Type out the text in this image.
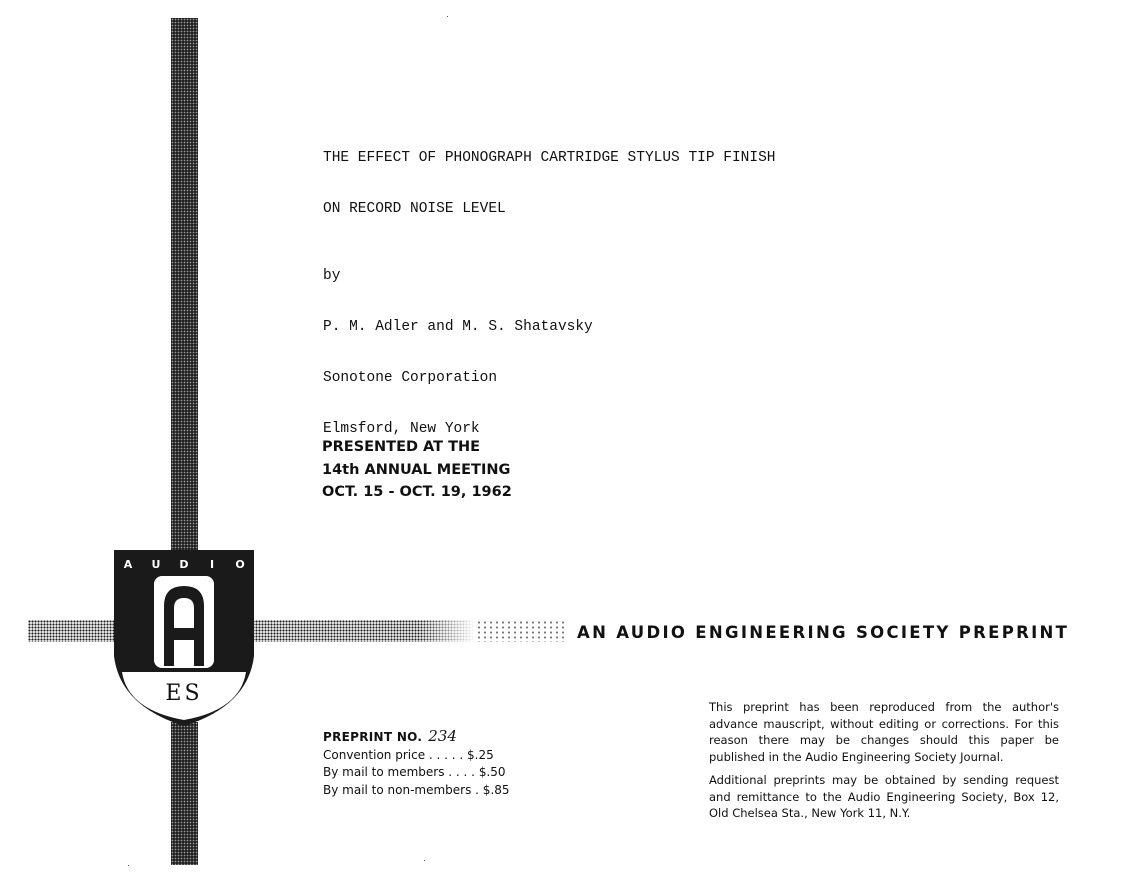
A U D I O
ES

THE EFFECT OF PHONOGRAPH CARTRIDGE STYLUS TIP FINISH

ON RECORD NOISE LEVEL

by

P. M. Adler and M. S. Shatavsky

Sonotone Corporation

Elmsford, New York

PRESENTED AT THE
14th ANNUAL MEETING
OCT. 15 - OCT. 19, 1962
AN AUDIO ENGINEERING SOCIETY PREPRINT
PREPRINT NO. 234
Convention price . . . . . $.25
By mail to members . . . . $.50
By mail to non-members . $.85

This preprint has been reproduced from the author's advance mauscript, without editing or corrections. For this reason there may be changes should this paper be published in the Audio Engineering Society Journal.

Additional preprints may be obtained by sending request and remittance to the Audio Engineering Society, Box 12, Old Chelsea Sta., New York 11, N.Y.
